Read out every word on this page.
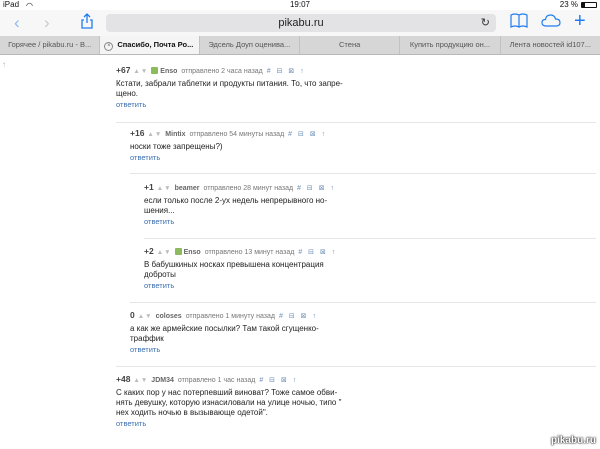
iPad ◠	19:07	23 %
‹ ›	pikabu.ru	↻	+
Горячее / pikabu.ru - В...	× Спасибо, Почта Ро...	Эдсель Доуп оценива...	Стена	Купить продукцию он...	Лента новостей id107...
↑
+67 ▲▼ Enso отправлено 2 часа назад # ⊟ ⊠ ↑
Кстати, забрали таблетки и продукты питания. То, что запре-
щено.
ответить
+16 ▲▼ Mintix отправлено 54 минуты назад # ⊟ ⊠ ↑
носки тоже запрещены?)
ответить
+1 ▲▼ beamer отправлено 28 минут назад # ⊟ ⊠ ↑
если только после 2-ух недель непрерывного но-
шения...
ответить
+2 ▲▼ Enso отправлено 13 минут назад # ⊟ ⊠ ↑
В бабушкиных носках превышена концентрация
доброты
ответить
0 ▲▼ coloses отправлено 1 минуту назад # ⊟ ⊠ ↑
а как же армейские посылки? Там такой сгущенко-
траффик
ответить
+48 ▲▼ JDM34 отправлено 1 час назад # ⊟ ⊠ ↑
С каких пор у нас потерпевший виноват? Тоже самое обви-
нять девушку, которую изнасиловали на улице ночью, типо "
нех ходить ночью в вызывающе одетой".
ответить
pikabu.ru
